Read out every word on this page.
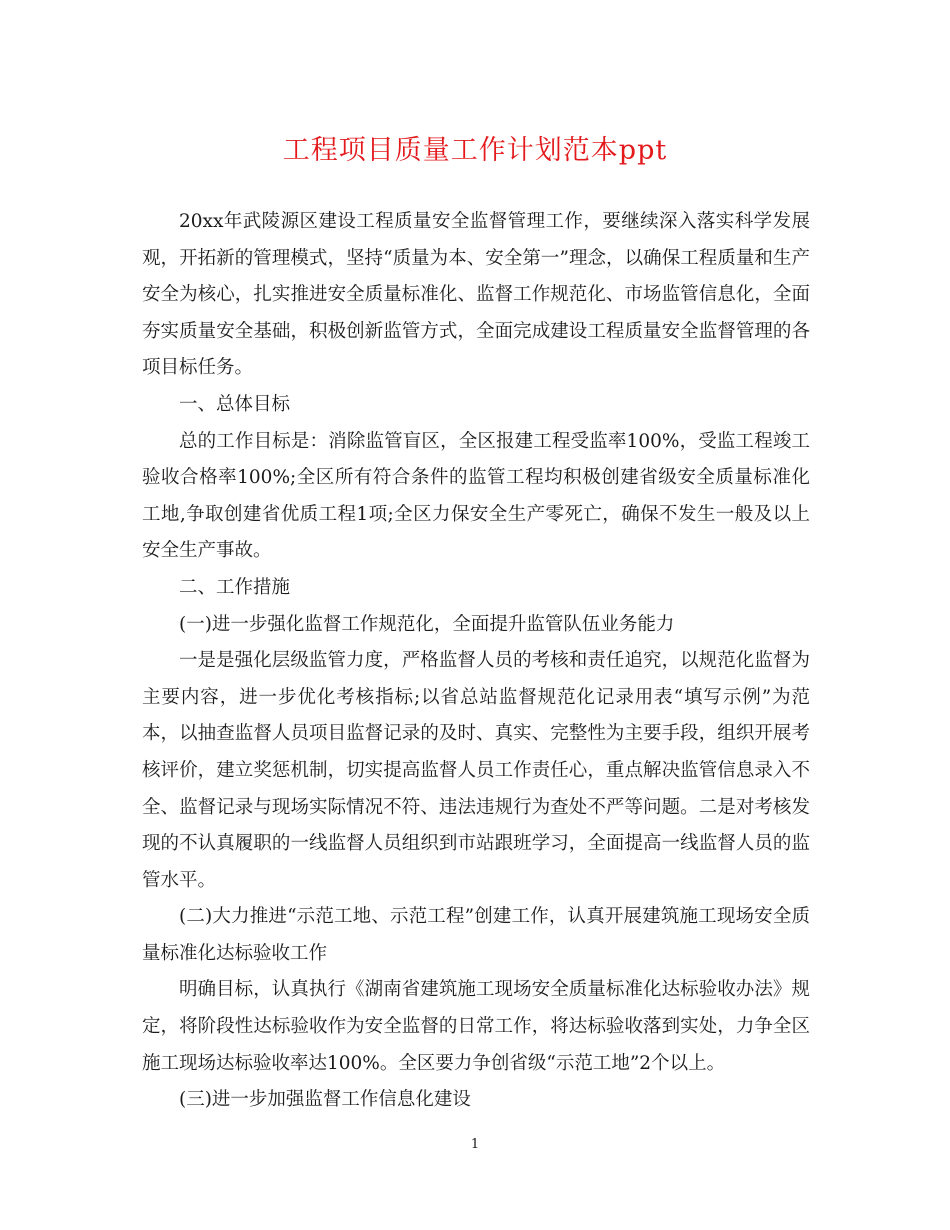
工程项目质量工作计划范本ppt

20xx年武陵源区建设工程质量安全监督管理工作，要继续深入落实科学发展观，开拓新的管理模式，坚持“质量为本、安全第一”理念，以确保工程质量和生产安全为核心，扎实推进安全质量标准化、监督工作规范化、市场监管信息化，全面夯实质量安全基础，积极创新监管方式，全面完成建设工程质量安全监督管理的各项目标任务。

一、总体目标

总的工作目标是：消除监管盲区，全区报建工程受监率100%，受监工程竣工验收合格率100%;全区所有符合条件的监管工程均积极创建省级安全质量标准化工地,争取创建省优质工程1项;全区力保安全生产零死亡，确保不发生一般及以上安全生产事故。

二、工作措施

(一)进一步强化监督工作规范化，全面提升监管队伍业务能力

一是是强化层级监管力度，严格监督人员的考核和责任追究，以规范化监督为主要内容，进一步优化考核指标;以省总站监督规范化记录用表“填写示例”为范本，以抽查监督人员项目监督记录的及时、真实、完整性为主要手段，组织开展考核评价，建立奖惩机制，切实提高监督人员工作责任心，重点解决监管信息录入不全、监督记录与现场实际情况不符、违法违规行为查处不严等问题。二是对考核发现的不认真履职的一线监督人员组织到市站跟班学习，全面提高一线监督人员的监管水平。

(二)大力推进“示范工地、示范工程”创建工作，认真开展建筑施工现场安全质量标准化达标验收工作

明确目标，认真执行《湖南省建筑施工现场安全质量标准化达标验收办法》规定，将阶段性达标验收作为安全监督的日常工作，将达标验收落到实处，力争全区施工现场达标验收率达100%。全区要力争创省级“示范工地”2个以上。

(三)进一步加强监督工作信息化建设

1
